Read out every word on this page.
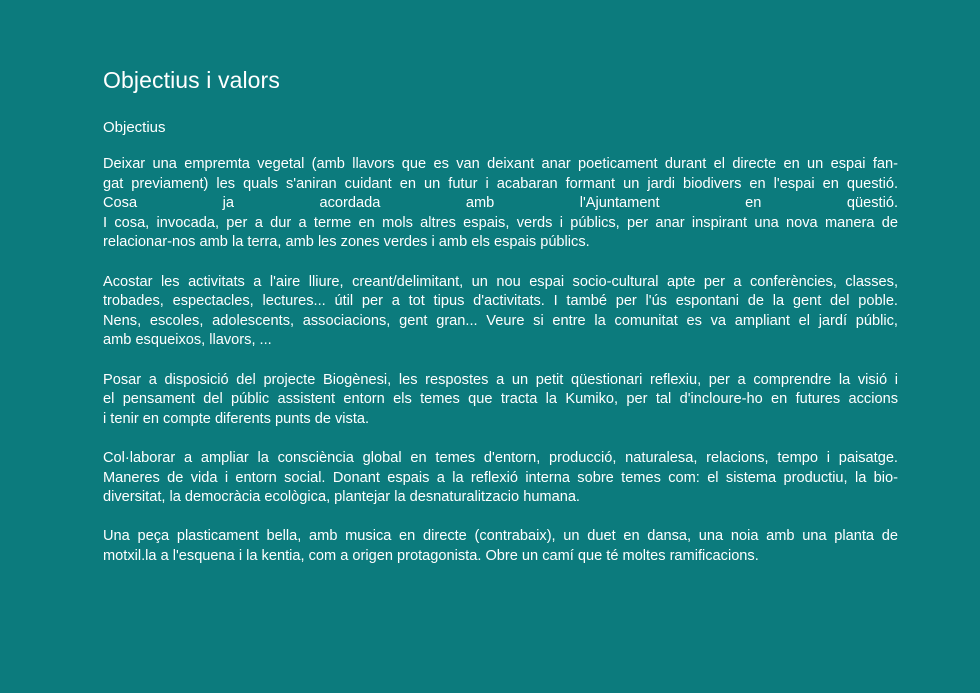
Objectius i valors
Objectius
Deixar una empremta vegetal (amb llavors que es van deixant anar poeticament durant el directe en un espai fan-
gat previament) les quals s'aniran cuidant en un futur i acabaran formant un jardi biodivers en l'espai en questió.
Cosa ja acordada amb l'Ajuntament en qüestió.
I cosa, invocada, per a dur a terme en mols altres espais, verds i públics, per anar inspirant una nova manera de
relacionar-nos amb la terra, amb les zones verdes i amb els espais públics.
Acostar les activitats a l'aire lliure, creant/delimitant, un nou espai socio-cultural apte per a conferències, classes,
trobades, espectacles, lectures... útil per a tot tipus d'activitats. I també per l'ús espontani de la gent del poble.
Nens, escoles, adolescents, associacions, gent gran... Veure si entre la comunitat es va ampliant el jardí públic,
amb esqueixos, llavors, ...
Posar a disposició del projecte Biogènesi, les respostes a un petit qüestionari reflexiu, per a comprendre la visió i
el pensament del públic assistent entorn els temes que tracta la Kumiko, per tal d'incloure-ho en futures accions
i tenir en compte diferents punts de vista.
Col·laborar a ampliar la consciència global en temes d'entorn, producció, naturalesa, relacions, tempo i paisatge.
Maneres de vida i entorn social. Donant espais a la reflexió interna sobre temes com: el sistema productiu, la bio-
diversitat, la democràcia ecològica, plantejar la desnaturalitzacio humana.
Una peça plasticament bella, amb musica en directe (contrabaix), un duet en dansa, una noia amb una planta de
motxil.la a l'esquena i la kentia, com a origen protagonista. Obre un camí que té moltes ramificacions.
